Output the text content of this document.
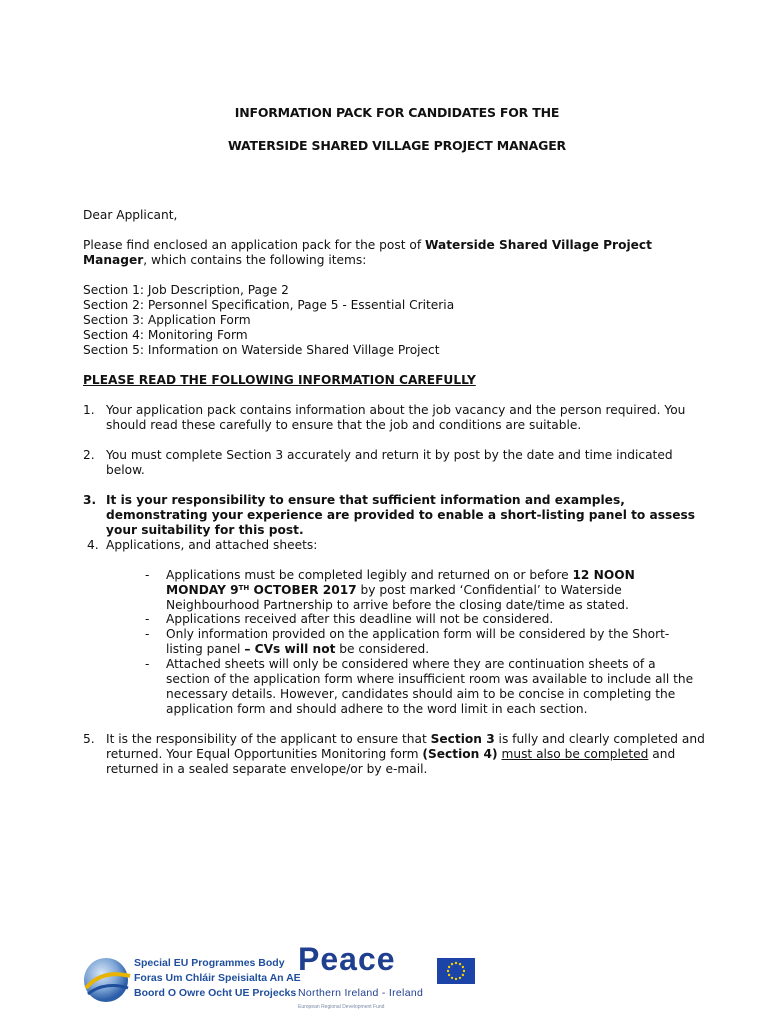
INFORMATION PACK FOR CANDIDATES FOR THE
WATERSIDE SHARED VILLAGE PROJECT MANAGER
Dear Applicant,
Please find enclosed an application pack for the post of Waterside Shared Village Project Manager, which contains the following items:
Section 1: Job Description, Page 2
Section 2: Personnel Specification, Page 5 - Essential Criteria
Section 3: Application Form
Section 4: Monitoring Form
Section 5: Information on Waterside Shared Village Project
PLEASE READ THE FOLLOWING INFORMATION CAREFULLY
1. Your application pack contains information about the job vacancy and the person required. You should read these carefully to ensure that the job and conditions are suitable.
2. You must complete Section 3 accurately and return it by post by the date and time indicated below.
3. It is your responsibility to ensure that sufficient information and examples, demonstrating your experience are provided to enable a short-listing panel to assess your suitability for this post.
4. Applications, and attached sheets:
- Applications must be completed legibly and returned on or before 12 NOON MONDAY 9TH OCTOBER 2017 by post marked ‘Confidential’ to Waterside Neighbourhood Partnership to arrive before the closing date/time as stated.
- Applications received after this deadline will not be considered.
- Only information provided on the application form will be considered by the Short-listing panel – CVs will not be considered.
- Attached sheets will only be considered where they are continuation sheets of a section of the application form where insufficient room was available to include all the necessary details. However, candidates should aim to be concise in completing the application form and should adhere to the word limit in each section.
5. It is the responsibility of the applicant to ensure that Section 3 is fully and clearly completed and returned. Your Equal Opportunities Monitoring form (Section 4) must also be completed and returned in a sealed separate envelope/or by e-mail.
Special EU Programmes Body
Foras Um Chláir Speisialta An AE
Boord O Owre Ocht UE Projecks
Peace
Northern Ireland - Ireland
European Regional Development Fund
